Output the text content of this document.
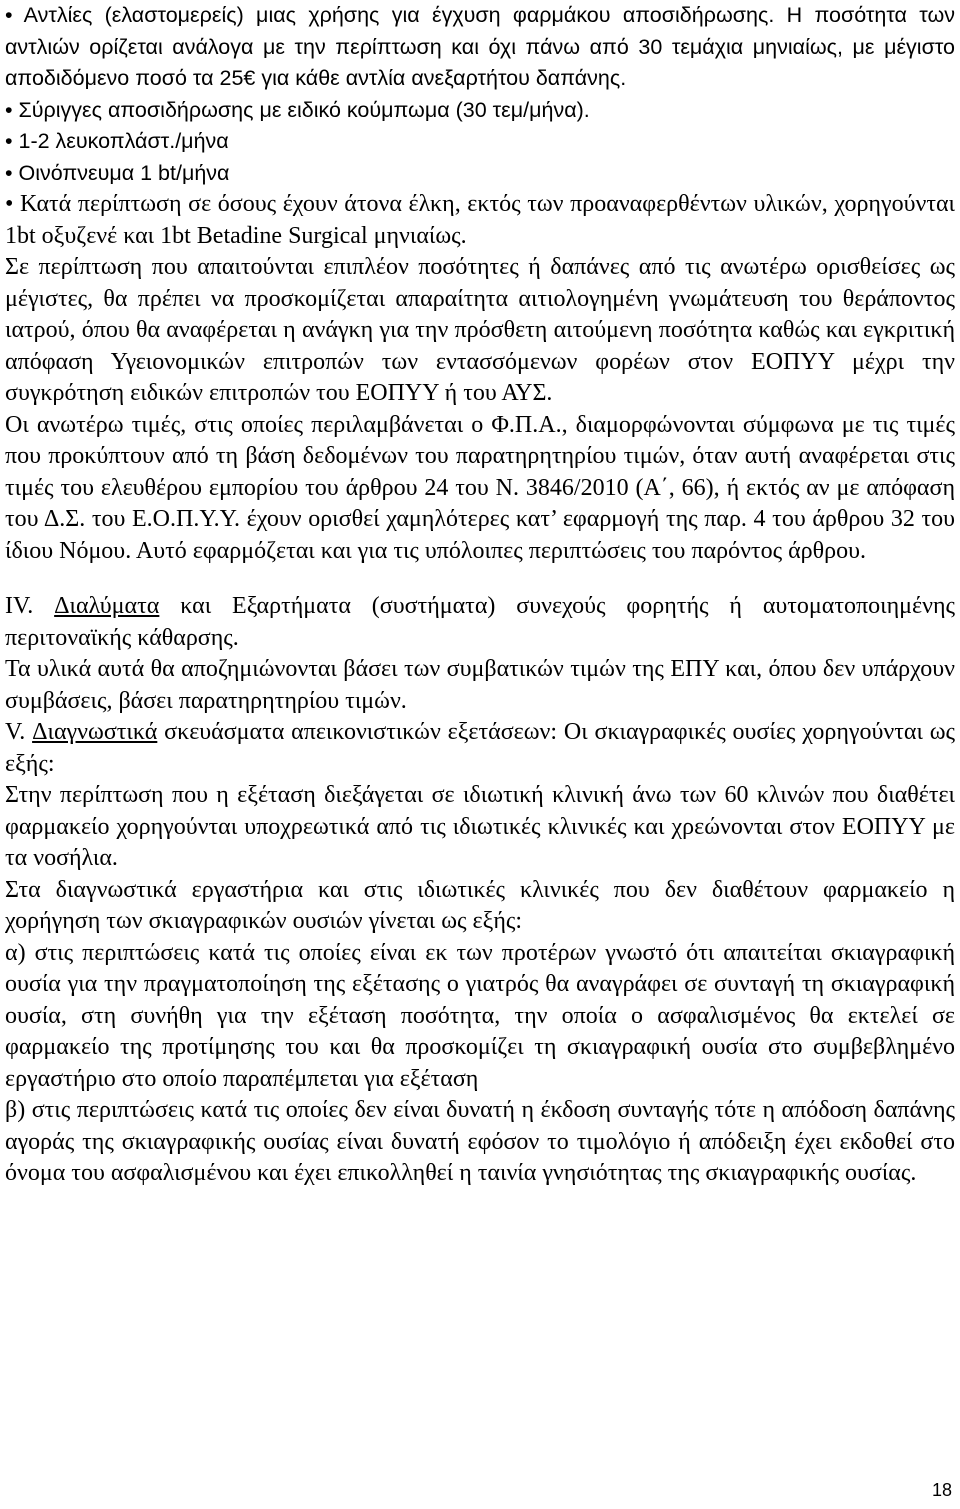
• Αντλίες (ελαστομερείς) μιας χρήσης για έγχυση φαρμάκου αποσιδήρωσης. Η ποσότητα των αντλιών ορίζεται ανάλογα με την περίπτωση και όχι πάνω από 30 τεμάχια μηνιαίως, με μέγιστο αποδιδόμενο ποσό τα 25€ για κάθε αντλία ανεξαρτήτου δαπάνης.

• Σύριγγες αποσιδήρωσης με ειδικό κούμπωμα (30 τεμ/μήνα).

• 1-2 λευκοπλάστ./μήνα

• Οινόπνευμα 1 bt/μήνα

• Κατά περίπτωση σε όσους έχουν άτονα έλκη, εκτός των προαναφερθέντων υλικών, χορηγούνται 1bt οξυζενέ και 1bt Betadine Surgical μηνιαίως.

Σε περίπτωση που απαιτούνται επιπλέον ποσότητες ή δαπάνες από τις ανωτέρω ορισθείσες ως μέγιστες, θα πρέπει να προσκομίζεται απαραίτητα αιτιολογημένη γνωμάτευση του θεράποντος ιατρού, όπου θα αναφέρεται η ανάγκη για την πρόσθετη αιτούμενη ποσότητα καθώς και εγκριτική απόφαση Υγειονομικών επιτροπών των εντασσόμενων φορέων στον ΕΟΠΥΥ μέχρι την συγκρότηση ειδικών επιτροπών του ΕΟΠΥΥ ή του ΑΥΣ.

Οι ανωτέρω τιμές, στις οποίες περιλαμβάνεται ο Φ.Π.Α., διαμορφώνονται σύμφωνα με τις τιμές που προκύπτουν από τη βάση δεδομένων του παρατηρητηρίου τιμών, όταν αυτή αναφέρεται στις τιμές του ελευθέρου εμπορίου του άρθρου 24 του Ν. 3846/2010 (Α΄, 66), ή εκτός αν με απόφαση του Δ.Σ. του Ε.Ο.Π.Υ.Υ. έχουν ορισθεί χαμηλότερες κατ’ εφαρμογή της παρ. 4 του άρθρου 32 του ίδιου Νόμου. Αυτό εφαρμόζεται και για τις υπόλοιπες περιπτώσεις του παρόντος άρθρου.

IV. Διαλύματα και Εξαρτήματα (συστήματα) συνεχούς φορητής ή αυτοματοποιημένης περιτοναϊκής κάθαρσης.

Τα υλικά αυτά θα αποζημιώνονται βάσει των συμβατικών τιμών της ΕΠΥ και, όπου δεν υπάρχουν συμβάσεις, βάσει παρατηρητηρίου τιμών.

V. Διαγνωστικά σκευάσματα απεικονιστικών εξετάσεων: Οι σκιαγραφικές ουσίες χορηγούνται ως εξής:

Στην περίπτωση που η εξέταση διεξάγεται σε ιδιωτική κλινική άνω των 60 κλινών που διαθέτει φαρμακείο χορηγούνται υποχρεωτικά από τις ιδιωτικές κλινικές και χρεώνονται στον ΕΟΠΥΥ με τα νοσήλια.

Στα διαγνωστικά εργαστήρια και στις ιδιωτικές κλινικές που δεν διαθέτουν φαρμακείο η χορήγηση των σκιαγραφικών ουσιών γίνεται ως εξής:

α) στις περιπτώσεις κατά τις οποίες είναι εκ των προτέρων γνωστό ότι απαιτείται σκιαγραφική ουσία για την πραγματοποίηση της εξέτασης ο γιατρός θα αναγράφει σε συνταγή τη σκιαγραφική ουσία, στη συνήθη για την εξέταση ποσότητα, την οποία ο ασφαλισμένος θα εκτελεί σε φαρμακείο της προτίμησης του και θα προσκομίζει τη σκιαγραφική ουσία στο συμβεβλημένο εργαστήριο στο οποίο παραπέμπεται για εξέταση

β) στις περιπτώσεις κατά τις οποίες δεν είναι δυνατή η έκδοση συνταγής τότε η απόδοση δαπάνης αγοράς της σκιαγραφικής ουσίας είναι δυνατή εφόσον το τιμολόγιο ή απόδειξη έχει εκδοθεί στο όνομα του ασφαλισμένου και έχει επικολληθεί η ταινία γνησιότητας της σκιαγραφικής ουσίας.

18
